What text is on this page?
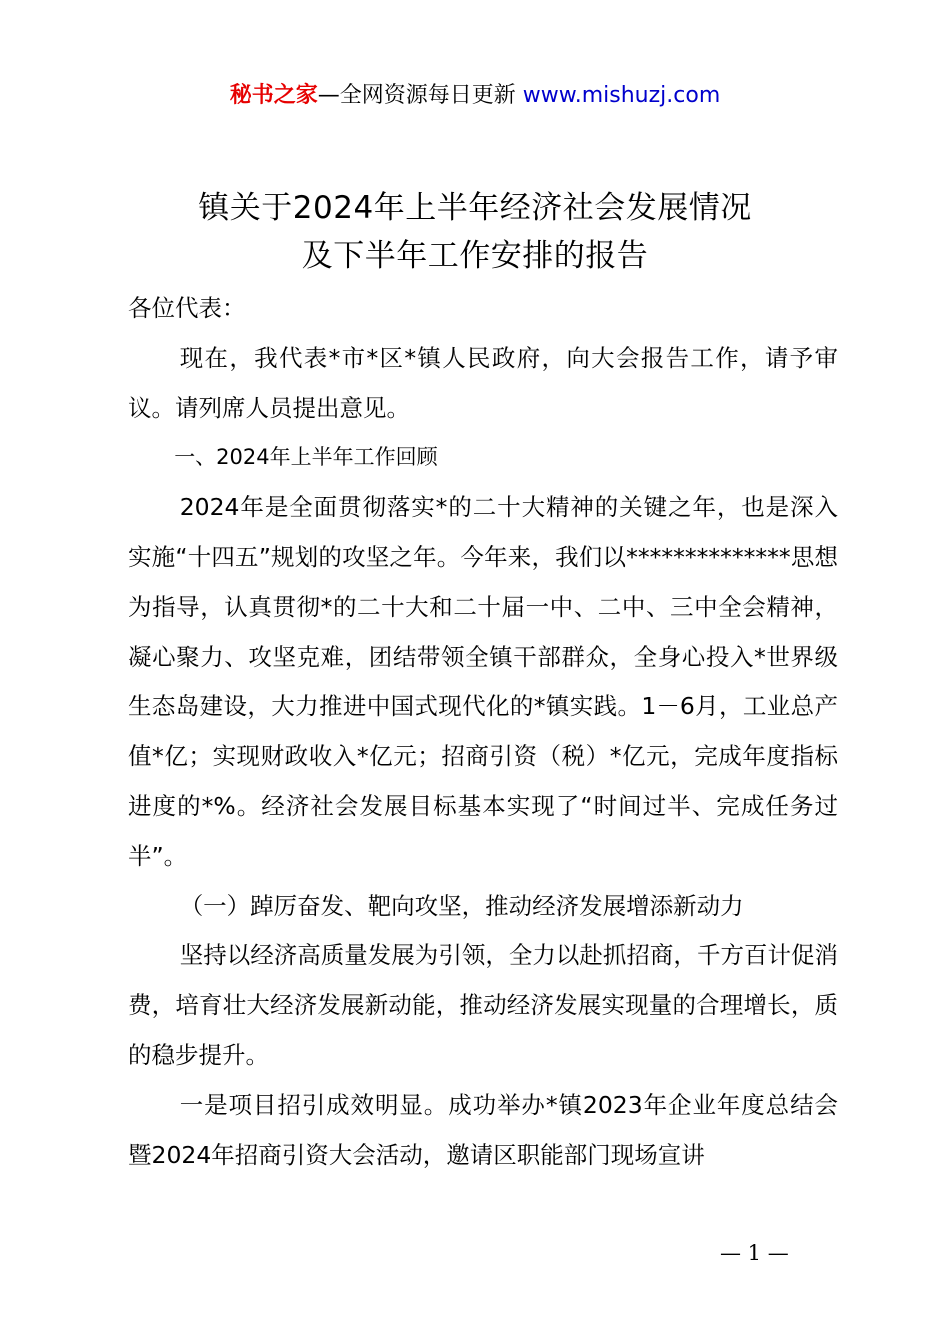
秘书之家—全网资源每日更新 www.mishuzj.com
镇关于2024年上半年经济社会发展情况
及下半年工作安排的报告

各位代表：

现在，我代表*市*区*镇人民政府，向大会报告工作，请予审议。请列席人员提出意见。

一、2024年上半年工作回顾

2024年是全面贯彻落实*的二十大精神的关键之年，也是深入实施“十四五”规划的攻坚之年。今年来，我们以**************思想为指导，认真贯彻*的二十大和二十届一中、二中、三中全会精神，凝心聚力、攻坚克难，团结带领全镇干部群众，全身心投入*世界级生态岛建设，大力推进中国式现代化的*镇实践。1－6月，工业总产值*亿；实现财政收入*亿元；招商引资（税）*亿元，完成年度指标进度的*%。经济社会发展目标基本实现了“时间过半、完成任务过半”。

（一）踔厉奋发、靶向攻坚，推动经济发展增添新动力

坚持以经济高质量发展为引领，全力以赴抓招商，千方百计促消费，培育壮大经济发展新动能，推动经济发展实现量的合理增长，质的稳步提升。

一是项目招引成效明显。成功举办*镇2023年企业年度总结会暨2024年招商引资大会活动，邀请区职能部门现场宣讲

— 1 —
